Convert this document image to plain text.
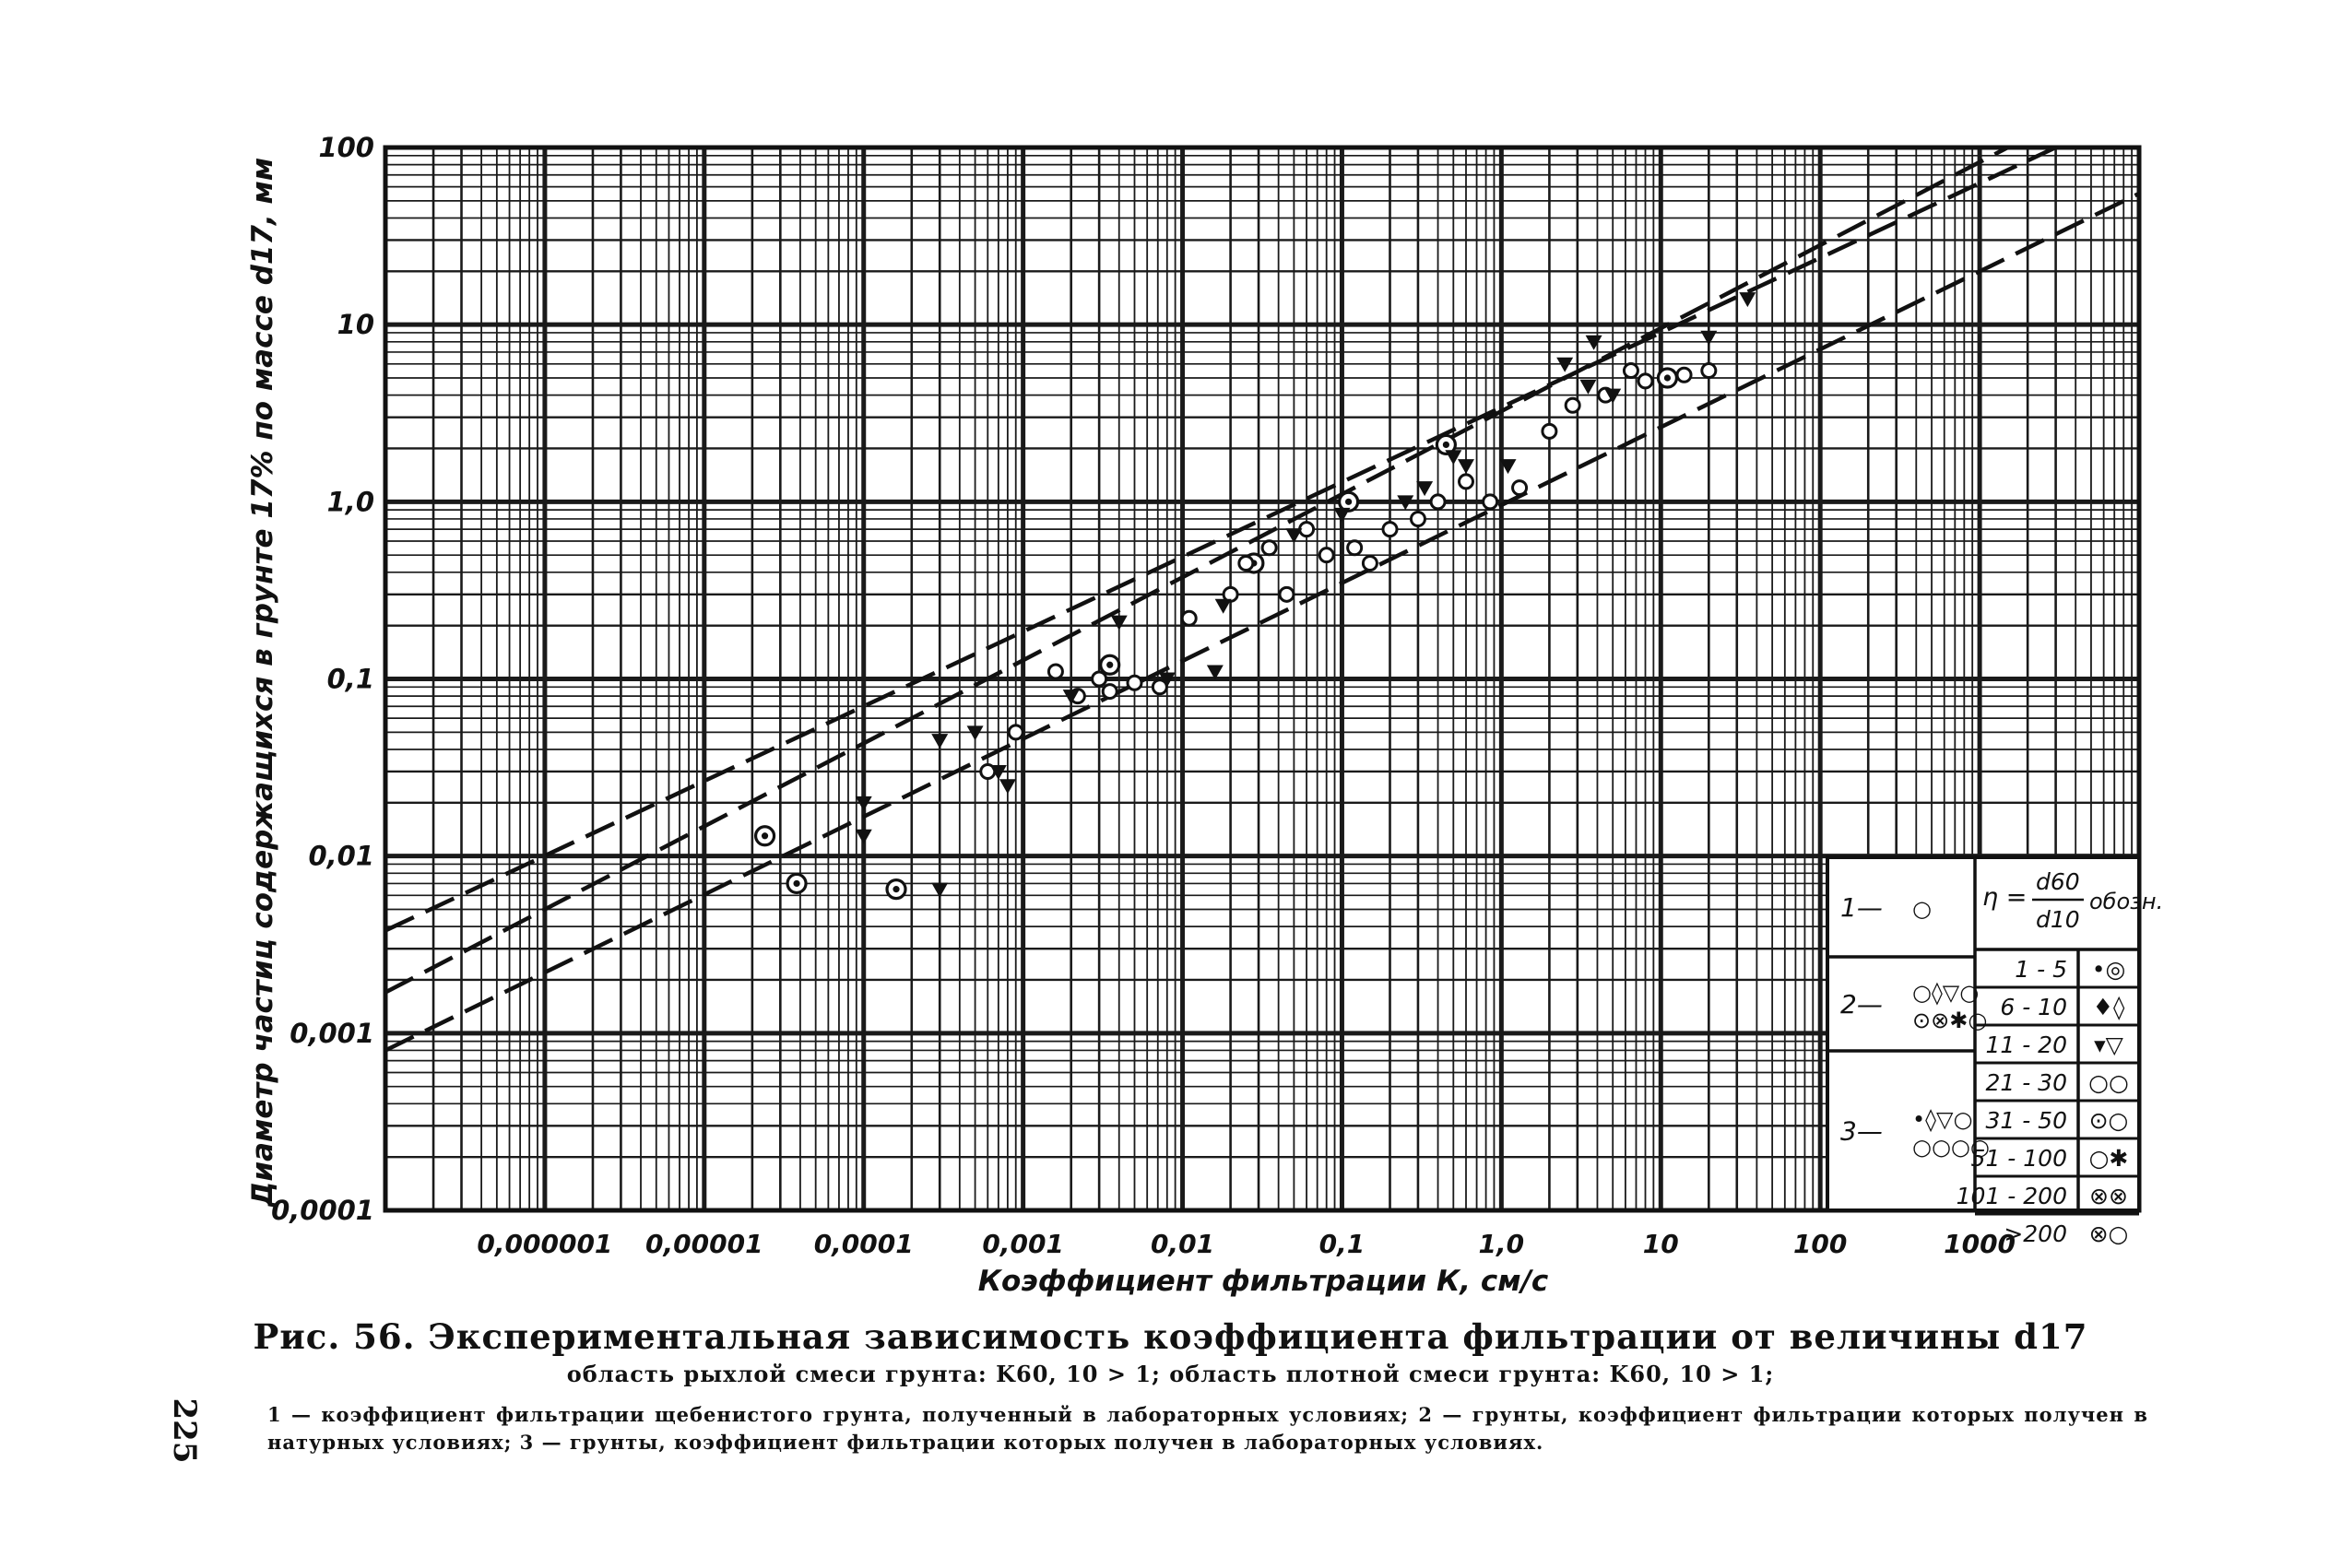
0,000001 0,00001 0,0001	0,001	0,01	0,1	1,0	10	100	1000
100
10
1,0
0,1
0,01
0,001
0,0001
Коэффициент фильтрации К, см/с
Диаметр частиц содержащихся в грунте 17% по массе d17, мм	1— ○
2— ○◊▽○
⊙⊗✱○
3— •◊▽○
○○○○
η =
d60
d10
обозн.
1 - 5 •◎
6 - 10 ♦◊
11 - 20 ▾▽
21 - 30 ○○
31 - 50 ⊙○
51 - 100 ○✱
101 - 200 ⊗⊗
>200 ⊗○
Рис. 56. Экспериментальная зависимость коэффициента фильтрации от величины d17
область рыхлой смеси грунта: K60, 10 > 1; область плотной смеси грунта: K60, 10 > 1;
1 — коэффициент фильтрации щебенистого грунта, полученный в лабораторных условиях; 2 — грунты, коэффициент фильтрации которых получен в натурных условиях; 3 — грунты, коэффициент фильтрации которых получен в лабораторных условиях.
225
